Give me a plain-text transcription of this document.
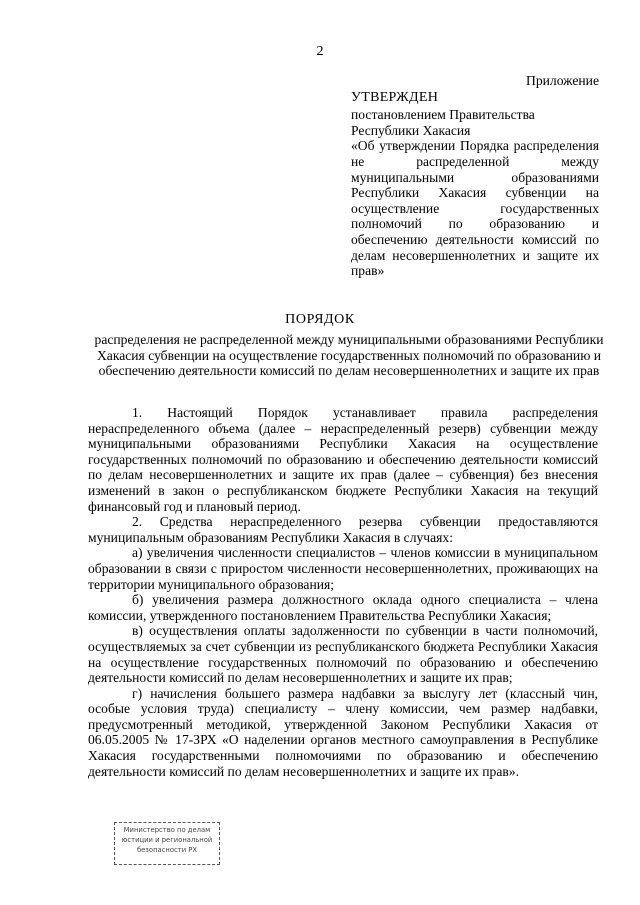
2
Приложение
УТВЕРЖДЕН
постановлением Правительства
Республики Хакасия
«Об утверждении Порядка распределения не распределенной между муниципальными образованиями Республики Хакасия субвенции на осуществление государственных полномочий по образованию и обеспечению деятельности комиссий по делам несовершеннолетних и защите их прав»
ПОРЯДОК
распределения не распределенной между муниципальными образованиями Республики Хакасия субвенции на осуществление государственных полномочий по образованию и обеспечению деятельности комиссий по делам несовершеннолетних и защите их прав

1. Настоящий Порядок устанавливает правила распределения нераспределенного объема (далее – нераспределенный резерв) субвенции между муниципальными образованиями Республики Хакасия на осуществление государственных полномочий по образованию и обеспечению деятельности комиссий по делам несовершеннолетних и защите их прав (далее – субвенция) без внесения изменений в закон о республиканском бюджете Республики Хакасия на текущий финансовый год и плановый период.

2. Средства нераспределенного резерва субвенции предоставляются муниципальным образованиям Республики Хакасия в случаях:

а) увеличения численности специалистов – членов комиссии в муниципальном образовании в связи с приростом численности несовершеннолетних, проживающих на территории муниципального образования;

б) увеличения размера должностного оклада одного специалиста – члена комиссии, утвержденного постановлением Правительства Республики Хакасия;

в) осуществления оплаты задолженности по субвенции в части полномочий, осуществляемых за счет субвенции из республиканского бюджета Республики Хакасия на осуществление государственных полномочий по образованию и обеспечению деятельности комиссий по делам несовершеннолетних и защите их прав;

г) начисления большего размера надбавки за выслугу лет (классный чин, особые условия труда) специалисту – члену комиссии, чем размер надбавки, предусмотренный методикой, утвержденной Законом Республики Хакасия от 06.05.2005 № 17-ЗРХ «О наделении органов местного самоуправления в Республике Хакасия государственными полномочиями по образованию и обеспечению деятельности комиссий по делам несовершеннолетних и защите их прав».

Министерство по делам
юстиции и региональной
безопасности РХ
